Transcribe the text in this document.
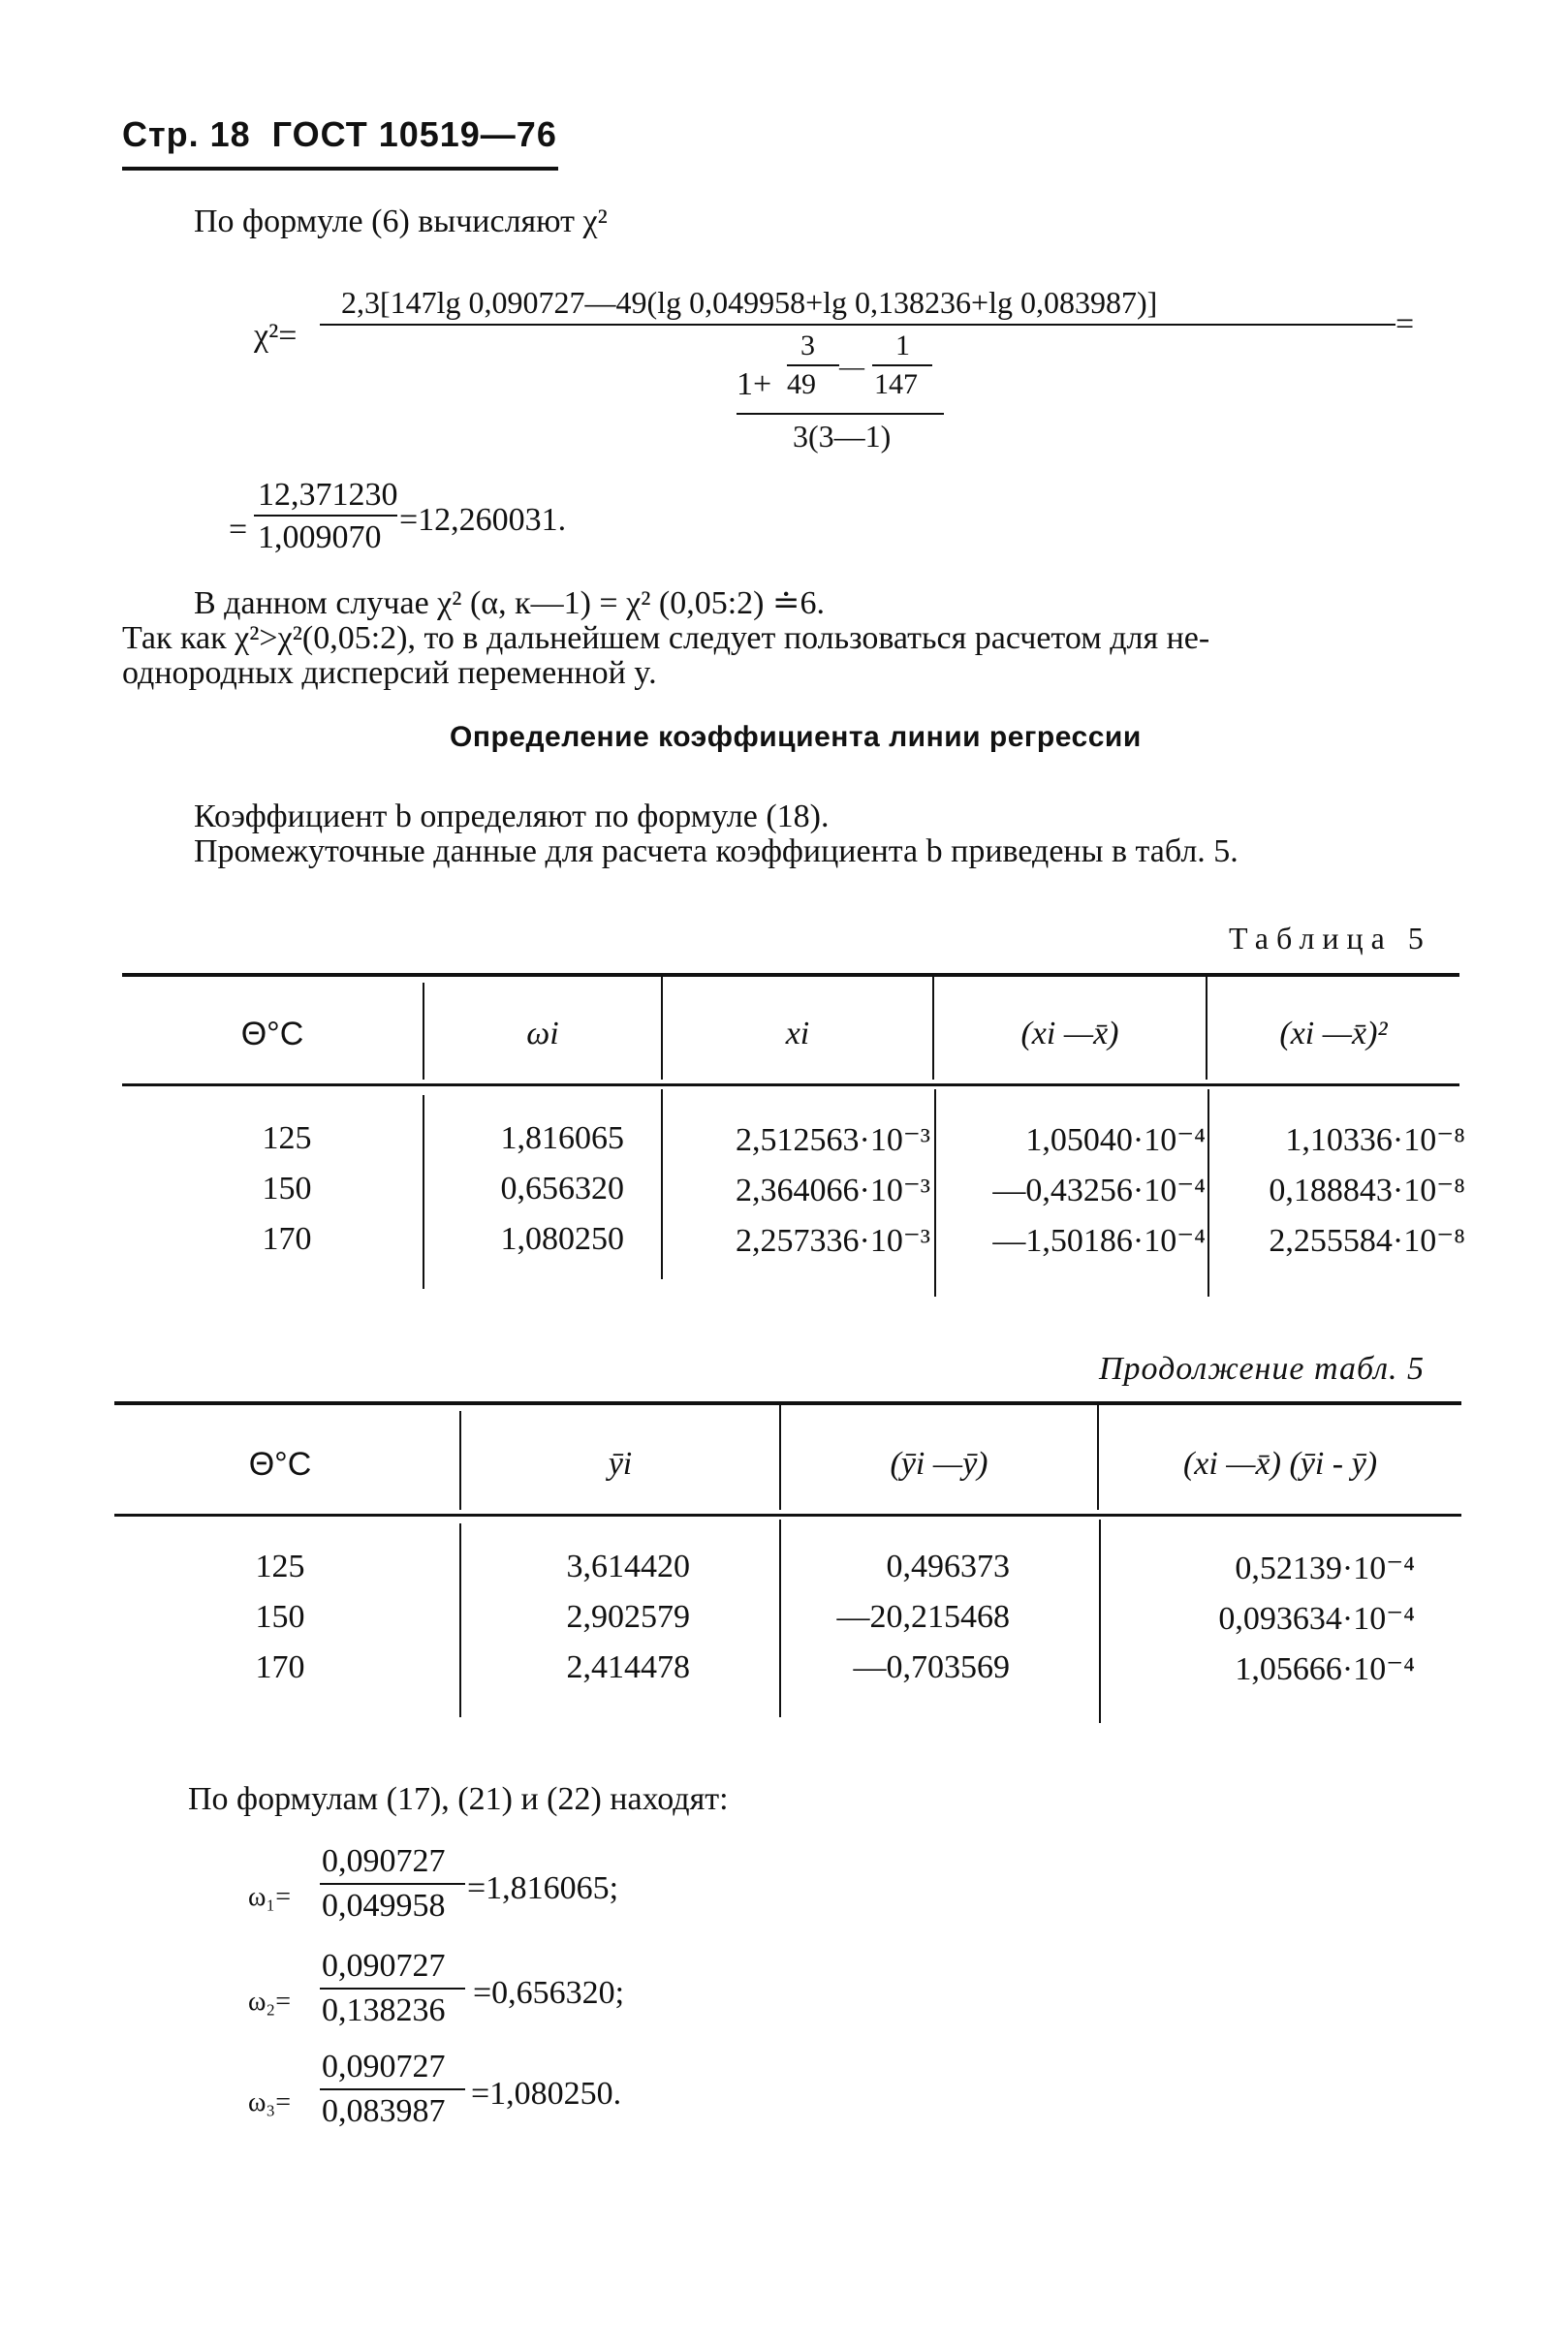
Стр. 18  ГОСТ 10519—76
По формуле (6) вычисляют χ²
χ²=
2,3[147lg 0,090727—49(lg 0,049958+lg 0,138236+lg 0,083987)]
=
1+
3
49
—
1
147
3(3—1)
=
12,371230
1,009070 =12,260031.
В данном случае χ² (α, к—1) = χ² (0,05:2) ≐6.
Так как χ²>χ²(0,05:2), то в дальнейшем следует пользоваться расчетом для не-
однородных дисперсий переменной y.
Определение коэффициента линии регрессии
Коэффициент b определяют по формуле (18).
Промежуточные данные для расчета коэффициента b приведены в табл. 5.
Таблица 5
Θ°C	ωi	xi	(xi —x̄)	(xi —x̄)²
125	1,816065	2,512563·10⁻³	1,05040·10⁻⁴	1,10336·10⁻⁸
150	0,656320	2,364066·10⁻³	—0,43256·10⁻⁴	0,188843·10⁻⁸
170	1,080250	2,257336·10⁻³	—1,50186·10⁻⁴	2,255584·10⁻⁸
Продолжение табл. 5
Θ°C	ȳi	(ȳi —ȳ)	(xi —x̄) (ȳi - ȳ)
125	3,614420	0,496373	0,52139·10⁻⁴
150	2,902579	—20,215468	0,093634·10⁻⁴
170	2,414478	—0,703569	1,05666·10⁻⁴
По формулам (17), (21) и (22) находят:
ω₁=
0,090727
0,049958 =1,816065;
ω₂=
0,090727
0,138236 =0,656320;
ω₃=
0,090727
0,083987 =1,080250.
